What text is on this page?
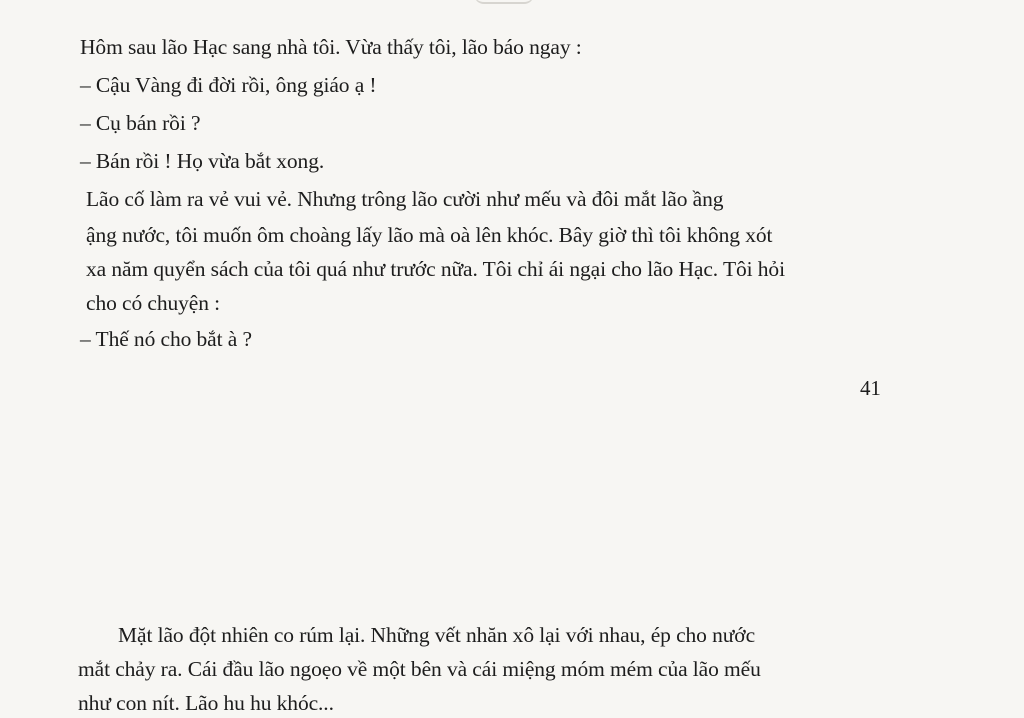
Hôm sau lão Hạc sang nhà tôi. Vừa thấy tôi, lão báo ngay :

– Cậu Vàng đi đời rồi, ông giáo ạ !

– Cụ bán rồi ?

– Bán rồi ! Họ vừa bắt xong.

Lão cố làm ra vẻ vui vẻ. Nhưng trông lão cười như mếu và đôi mắt lão ầng
ậng nước, tôi muốn ôm choàng lấy lão mà oà lên khóc. Bây giờ thì tôi không xót
xa năm quyển sách của tôi quá như trước nữa. Tôi chỉ ái ngại cho lão Hạc. Tôi hỏi
cho có chuyện :

– Thế nó cho bắt à ?

41
Mặt lão đột nhiên co rúm lại. Những vết nhăn xô lại với nhau, ép cho nước
mắt chảy ra. Cái đầu lão ngoẹo về một bên và cái miệng móm mém của lão mếu
như con nít. Lão hu hu khóc...
